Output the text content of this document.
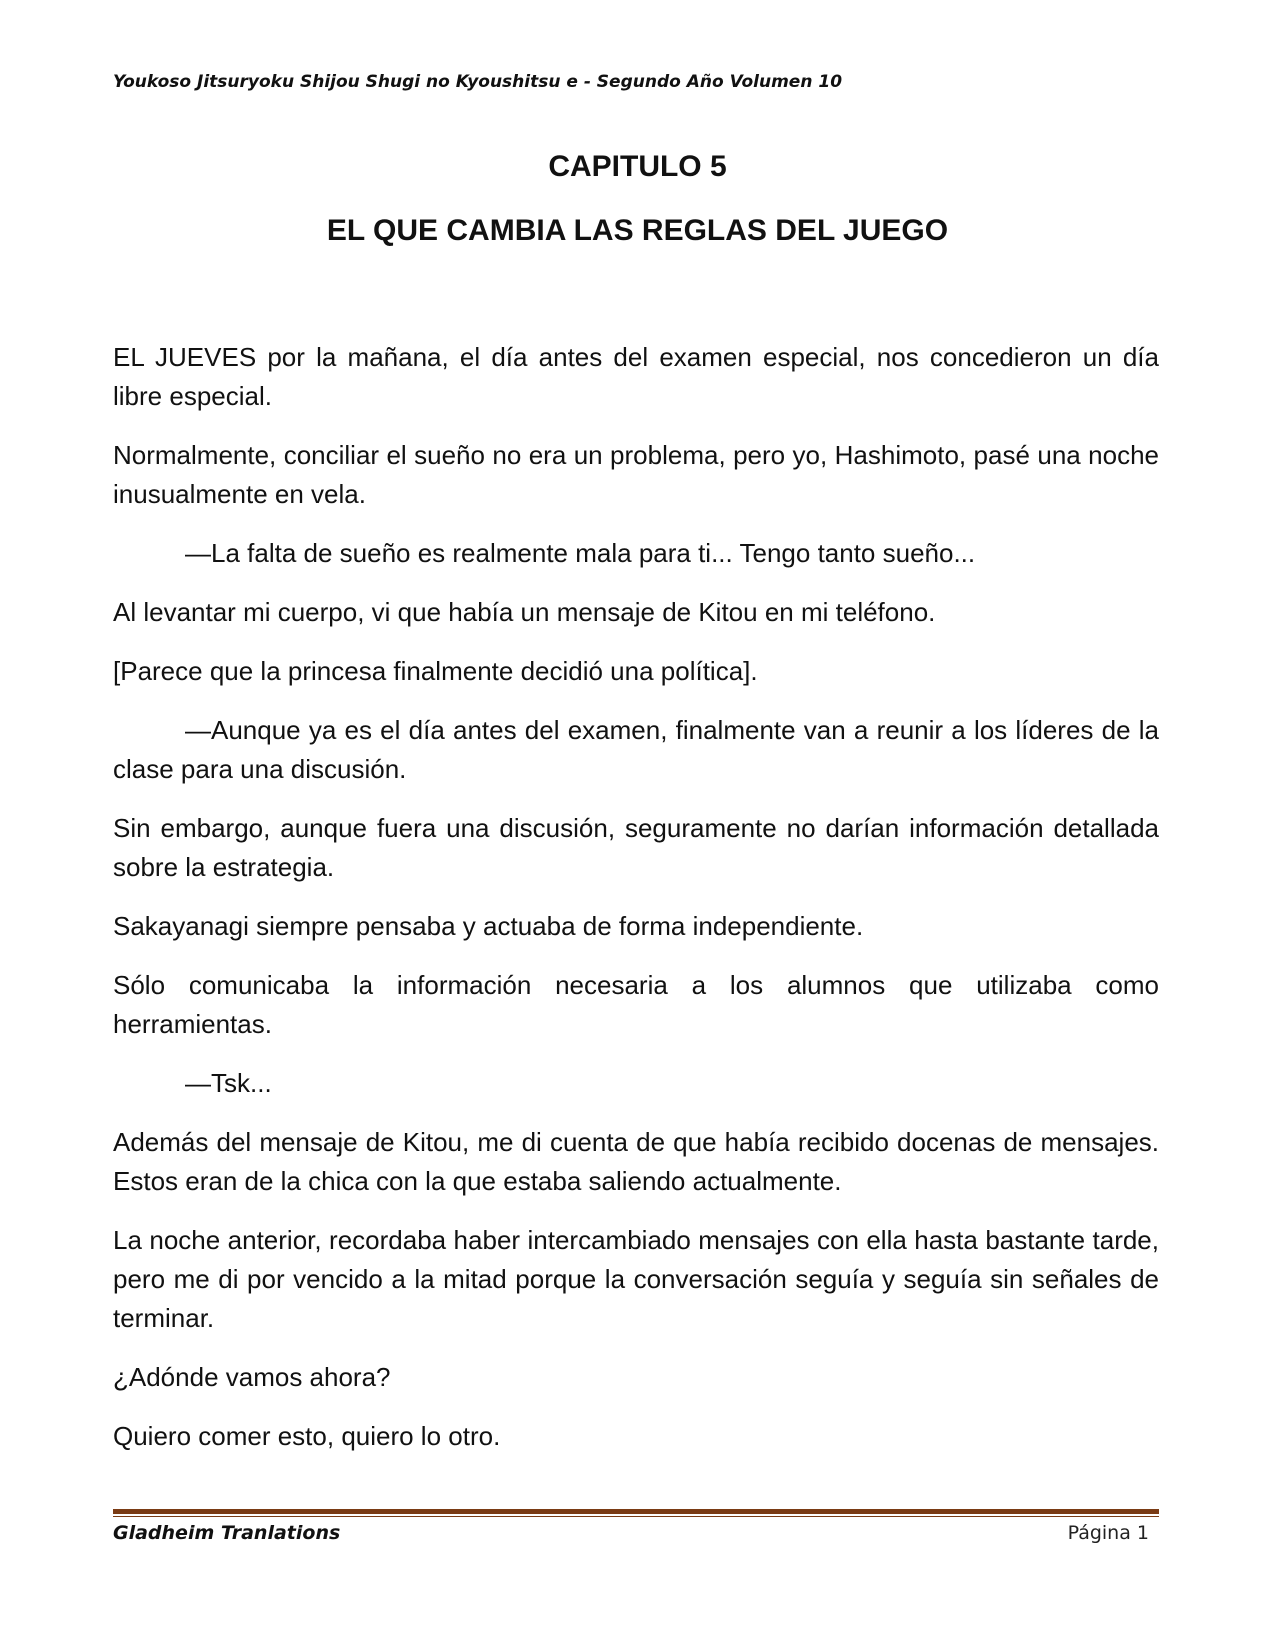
Youkoso Jitsuryoku Shijou Shugi no Kyoushitsu e - Segundo Año Volumen 10
CAPITULO 5
EL QUE CAMBIA LAS REGLAS DEL JUEGO

EL JUEVES por la mañana, el día antes del examen especial, nos concedieron un día libre especial.

Normalmente, conciliar el sueño no era un problema, pero yo, Hashimoto, pasé una noche inusualmente en vela.

—La falta de sueño es realmente mala para ti... Tengo tanto sueño...

Al levantar mi cuerpo, vi que había un mensaje de Kitou en mi teléfono.

[Parece que la princesa finalmente decidió una política].

—Aunque ya es el día antes del examen, finalmente van a reunir a los líderes de la clase para una discusión.

Sin embargo, aunque fuera una discusión, seguramente no darían información detallada sobre la estrategia.

Sakayanagi siempre pensaba y actuaba de forma independiente.

Sólo comunicaba la información necesaria a los alumnos que utilizaba como herramientas.

—Tsk...

Además del mensaje de Kitou, me di cuenta de que había recibido docenas de mensajes. Estos eran de la chica con la que estaba saliendo actualmente.

La noche anterior, recordaba haber intercambiado mensajes con ella hasta bastante tarde, pero me di por vencido a la mitad porque la conversación seguía y seguía sin señales de terminar.

¿Adónde vamos ahora?

Quiero comer esto, quiero lo otro.

Gladheim Tranlations	Página 1
